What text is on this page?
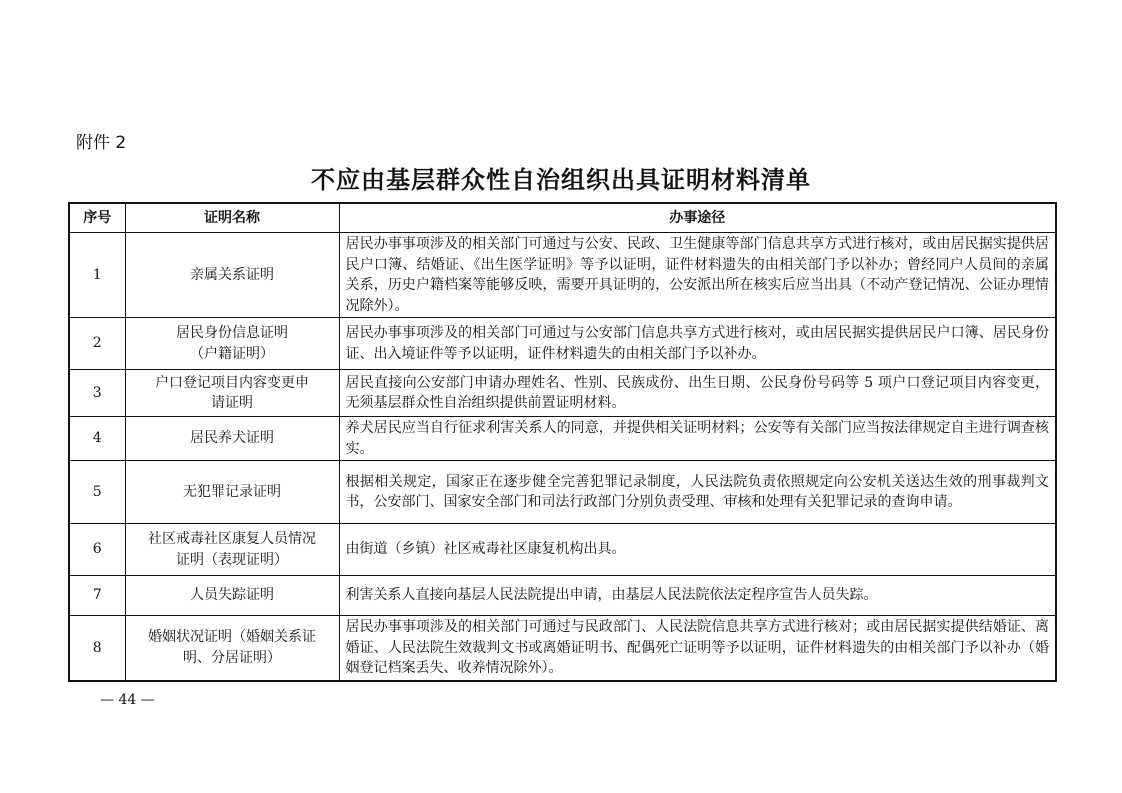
附件 2
不应由基层群众性自治组织出具证明材料清单
序号	证明名称	办事途径
1	亲属关系证明	居民办事事项涉及的相关部门可通过与公安、民政、卫生健康等部门信息共享方式进行核对，或由居民据实提供居民户口簿、结婚证、《出生医学证明》等予以证明，证件材料遗失的由相关部门予以补办；曾经同户人员间的亲属关系，历史户籍档案等能够反映，需要开具证明的，公安派出所在核实后应当出具（不动产登记情况、公证办理情况除外）。
2	居民身份信息证明（户籍证明）	居民办事事项涉及的相关部门可通过与公安部门信息共享方式进行核对，或由居民据实提供居民户口簿、居民身份证、出入境证件等予以证明，证件材料遗失的由相关部门予以补办。
3	户口登记项目内容变更申请证明	居民直接向公安部门申请办理姓名、性别、民族成份、出生日期、公民身份号码等 5 项户口登记项目内容变更，无须基层群众性自治组织提供前置证明材料。
4	居民养犬证明	养犬居民应当自行征求利害关系人的同意，并提供相关证明材料；公安等有关部门应当按法律规定自主进行调查核实。
5	无犯罪记录证明	根据相关规定，国家正在逐步健全完善犯罪记录制度，人民法院负责依照规定向公安机关送达生效的刑事裁判文书，公安部门、国家安全部门和司法行政部门分别负责受理、审核和处理有关犯罪记录的查询申请。
6	社区戒毒社区康复人员情况证明（表现证明）	由街道（乡镇）社区戒毒社区康复机构出具。
7	人员失踪证明	利害关系人直接向基层人民法院提出申请，由基层人民法院依法定程序宣告人员失踪。
8	婚姻状况证明（婚姻关系证明、分居证明）	居民办事事项涉及的相关部门可通过与民政部门、人民法院信息共享方式进行核对；或由居民据实提供结婚证、离婚证、人民法院生效裁判文书或离婚证明书、配偶死亡证明等予以证明，证件材料遗失的由相关部门予以补办（婚姻登记档案丢失、收养情况除外）。
— 44 —
